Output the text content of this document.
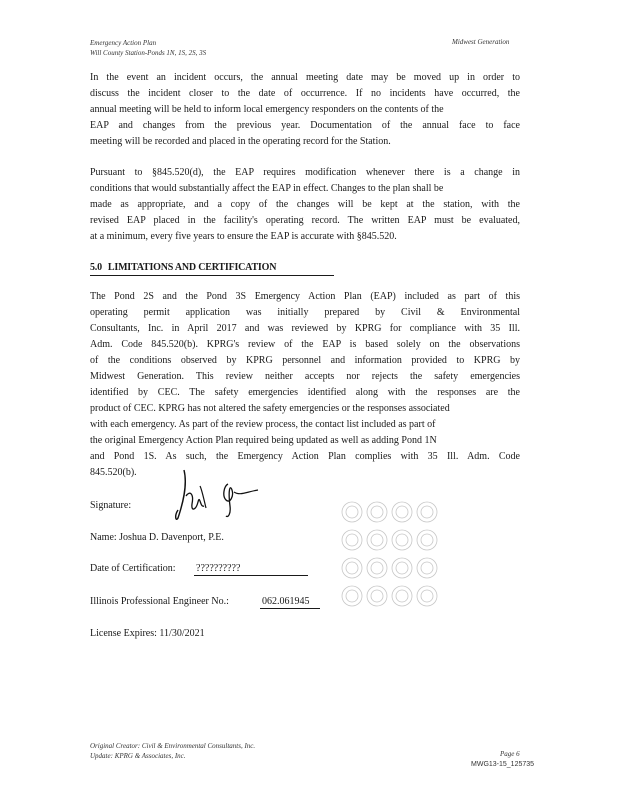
Emergency Action Plan
Will County Station-Ponds 1N, 1S, 2S, 3S
Midwest Generation

In the event an incident occurs, the annual meeting date may be moved up in order to

discuss the incident closer to the date of occurrence. If no incidents have occurred, the

annual meeting will be held to inform local emergency responders on the contents of the

EAP and changes from the previous year. Documentation of the annual face to face

meeting will be recorded and placed in the operating record for the Station.

Pursuant to §845.520(d), the EAP requires modification whenever there is a change in

conditions that would substantially affect the EAP in effect. Changes to the plan shall be

made as appropriate, and a copy of the changes will be kept at the station, with the

revised EAP placed in the facility's operating record. The written EAP must be evaluated,

at a minimum, every five years to ensure the EAP is accurate with §845.520.

5.0 LIMITATIONS AND CERTIFICATION

The Pond 2S and the Pond 3S Emergency Action Plan (EAP) included as part of this

operating permit application was initially prepared by Civil & Environmental

Consultants, Inc. in April 2017 and was reviewed by KPRG for compliance with 35 Ill.

Adm. Code 845.520(b). KPRG's review of the EAP is based solely on the observations

of the conditions observed by KPRG personnel and information provided to KPRG by

Midwest Generation. This review neither accepts nor rejects the safety emergencies

identified by CEC. The safety emergencies identified along with the responses are the

product of CEC. KPRG has not altered the safety emergencies or the responses associated

with each emergency. As part of the review process, the contact list included as part of

the original Emergency Action Plan required being updated as well as adding Pond 1N

and Pond 1S. As such, the Emergency Action Plan complies with 35 Ill. Adm. Code

845.520(b).

Signature:
Name: Joshua D. Davenport, P.E.
Date of Certification: ??????????
Illinois Professional Engineer No.:	062.061945
License Expires: 11/30/2021
Original Creator: Civil & Environmental Consultants, Inc.
Update: KPRG & Associates, Inc.	Page 6
MWG13-15_125735
